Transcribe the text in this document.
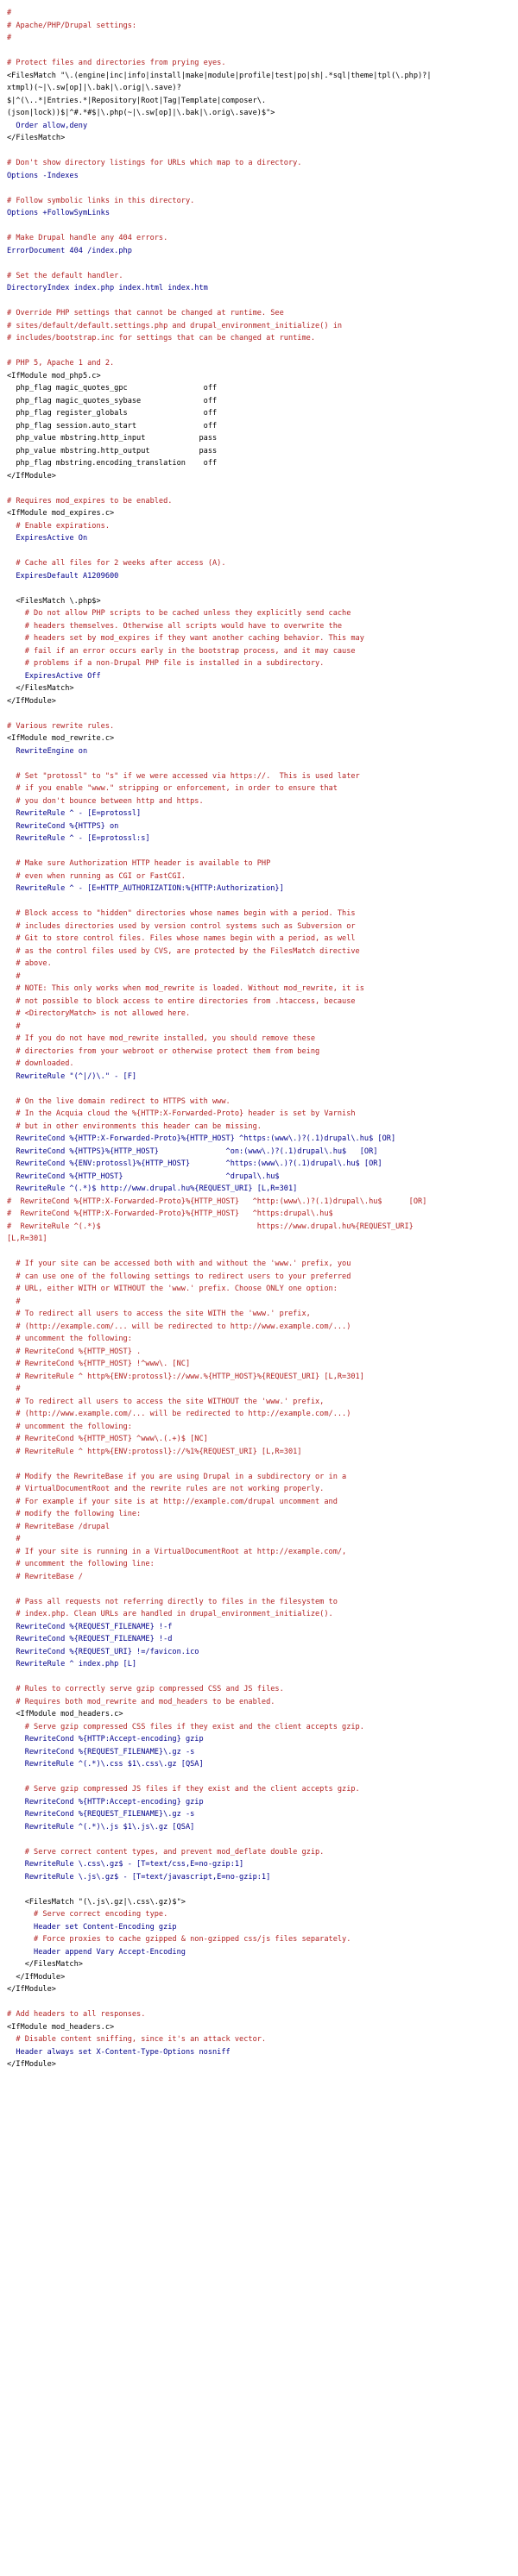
#
# Apache/PHP/Drupal settings:
#
# Protect files and directories from prying eyes.
<FilesMatch "\.(engine|inc|info|install|make|module|profile|test|po|sh|.*sql|theme|tpl(\.php)?|
xtmpl)(~|\.sw[op]|\.bak|\.orig|\.save)?
$|^(\..*|Entries.*|Repository|Root|Tag|Template|composer\.
(json|lock))$|^#.*#$|\.php(~|\.sw[op]|\.bak|\.orig\.save)$">
Order allow,deny
</FilesMatch>
# Don't show directory listings for URLs which map to a directory.
Options -Indexes
# Follow symbolic links in this directory.
Options +FollowSymLinks
# Make Drupal handle any 404 errors.
ErrorDocument 404 /index.php
# Set the default handler.
DirectoryIndex index.php index.html index.htm
# Override PHP settings that cannot be changed at runtime. See
# sites/default/default.settings.php and drupal_environment_initialize() in
# includes/bootstrap.inc for settings that can be changed at runtime.
# PHP 5, Apache 1 and 2.
<IfModule mod_php5.c>
php_flag magic_quotes_gpc                 off
php_flag magic_quotes_sybase              off
php_flag register_globals                 off
php_flag session.auto_start               off
php_value mbstring.http_input            pass
php_value mbstring.http_output           pass
php_flag mbstring.encoding_translation    off
</IfModule>
# Requires mod_expires to be enabled.
<IfModule mod_expires.c>
# Enable expirations.
ExpiresActive On
# Cache all files for 2 weeks after access (A).
ExpiresDefault A1209600
<FilesMatch \.php$>
# Do not allow PHP scripts to be cached unless they explicitly send cache
# headers themselves. Otherwise all scripts would have to overwrite the
# headers set by mod_expires if they want another caching behavior. This may
# fail if an error occurs early in the bootstrap process, and it may cause
# problems if a non-Drupal PHP file is installed in a subdirectory.
ExpiresActive Off
</FilesMatch>
</IfModule>
# Various rewrite rules.
<IfModule mod_rewrite.c>
RewriteEngine on
# Set "protossl" to "s" if we were accessed via https://.  This is used later
# if you enable "www." stripping or enforcement, in order to ensure that
# you don't bounce between http and https.
RewriteRule ^ - [E=protossl]
RewriteCond %{HTTPS} on
RewriteRule ^ - [E=protossl:s]
# Make sure Authorization HTTP header is available to PHP
# even when running as CGI or FastCGI.
RewriteRule ^ - [E=HTTP_AUTHORIZATION:%{HTTP:Authorization}]
# Block access to "hidden" directories whose names begin with a period. This
# includes directories used by version control systems such as Subversion or
# Git to store control files. Files whose names begin with a period, as well
# as the control files used by CVS, are protected by the FilesMatch directive
# above.
#
# NOTE: This only works when mod_rewrite is loaded. Without mod_rewrite, it is
# not possible to block access to entire directories from .htaccess, because
# <DirectoryMatch> is not allowed here.
#
# If you do not have mod_rewrite installed, you should remove these
# directories from your webroot or otherwise protect them from being
# downloaded.
RewriteRule "(^|/)\." - [F]
# On the live domain redirect to HTTPS with www.
# In the Acquia cloud the %{HTTP:X-Forwarded-Proto} header is set by Varnish
# but in other environments this header can be missing.
RewriteCond %{HTTP:X-Forwarded-Proto}%{HTTP_HOST} ^https:(www\.)?(.1)drupal\.hu$ [OR]
RewriteCond %{HTTPS}%{HTTP_HOST}               ^on:(www\.)?(.1)drupal\.hu$   [OR]
RewriteCond %{ENV:protossl}%{HTTP_HOST}        ^https:(www\.)?(.1)drupal\.hu$ [OR]
RewriteCond %{HTTP_HOST}                       ^drupal\.hu$
RewriteRule ^(.*)$ http://www.drupal.hu%{REQUEST_URI} [L,R=301]
#  RewriteCond %{HTTP:X-Forwarded-Proto}%{HTTP_HOST}   ^http:(www\.)?(.1)drupal\.hu$      [OR]
#  RewriteCond %{HTTP:X-Forwarded-Proto}%{HTTP_HOST}   ^https:drupal\.hu$
#  RewriteRule ^(.*)$                                   https://www.drupal.hu%{REQUEST_URI}
[L,R=301]
# If your site can be accessed both with and without the 'www.' prefix, you
# can use one of the following settings to redirect users to your preferred
# URL, either WITH or WITHOUT the 'www.' prefix. Choose ONLY one option:
#
# To redirect all users to access the site WITH the 'www.' prefix,
# (http://example.com/... will be redirected to http://www.example.com/...)
# uncomment the following:
# RewriteCond %{HTTP_HOST} .
# RewriteCond %{HTTP_HOST} !^www\. [NC]
# RewriteRule ^ http%{ENV:protossl}://www.%{HTTP_HOST}%{REQUEST_URI} [L,R=301]
#
# To redirect all users to access the site WITHOUT the 'www.' prefix,
# (http://www.example.com/... will be redirected to http://example.com/...)
# uncomment the following:
# RewriteCond %{HTTP_HOST} ^www\.(.+)$ [NC]
# RewriteRule ^ http%{ENV:protossl}://%1%{REQUEST_URI} [L,R=301]
# Modify the RewriteBase if you are using Drupal in a subdirectory or in a
# VirtualDocumentRoot and the rewrite rules are not working properly.
# For example if your site is at http://example.com/drupal uncomment and
# modify the following line:
# RewriteBase /drupal
#
# If your site is running in a VirtualDocumentRoot at http://example.com/,
# uncomment the following line:
# RewriteBase /
# Pass all requests not referring directly to files in the filesystem to
# index.php. Clean URLs are handled in drupal_environment_initialize().
RewriteCond %{REQUEST_FILENAME} !-f
RewriteCond %{REQUEST_FILENAME} !-d
RewriteCond %{REQUEST_URI} !=/favicon.ico
RewriteRule ^ index.php [L]
# Rules to correctly serve gzip compressed CSS and JS files.
# Requires both mod_rewrite and mod_headers to be enabled.
<IfModule mod_headers.c>
# Serve gzip compressed CSS files if they exist and the client accepts gzip.
RewriteCond %{HTTP:Accept-encoding} gzip
RewriteCond %{REQUEST_FILENAME}\.gz -s
RewriteRule ^(.*)\.css $1\.css\.gz [QSA]
# Serve gzip compressed JS files if they exist and the client accepts gzip.
RewriteCond %{HTTP:Accept-encoding} gzip
RewriteCond %{REQUEST_FILENAME}\.gz -s
RewriteRule ^(.*)\.js $1\.js\.gz [QSA]
# Serve correct content types, and prevent mod_deflate double gzip.
RewriteRule \.css\.gz$ - [T=text/css,E=no-gzip:1]
RewriteRule \.js\.gz$ - [T=text/javascript,E=no-gzip:1]
<FilesMatch "(\.js\.gz|\.css\.gz)$">
# Serve correct encoding type.
Header set Content-Encoding gzip
# Force proxies to cache gzipped & non-gzipped css/js files separately.
Header append Vary Accept-Encoding
</FilesMatch>
</IfModule>
</IfModule>
# Add headers to all responses.
<IfModule mod_headers.c>
# Disable content sniffing, since it's an attack vector.
Header always set X-Content-Type-Options nosniff
</IfModule>
